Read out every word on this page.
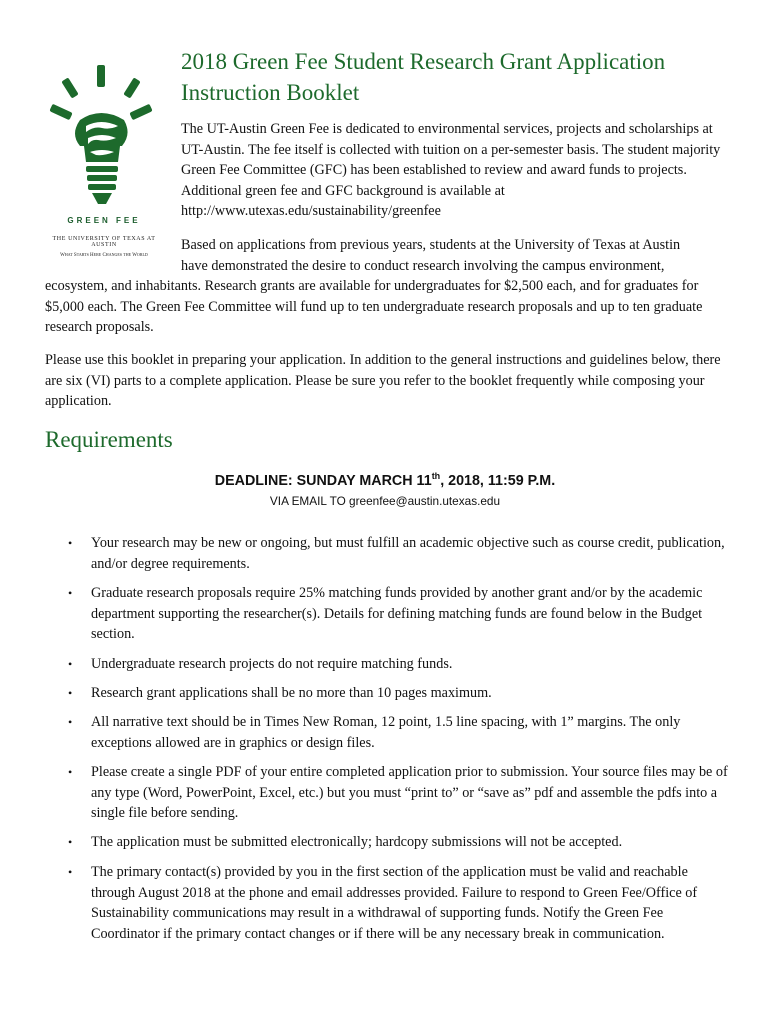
GREEN FEE
THE UNIVERSITY OF TEXAS AT AUSTIN
What Starts Here Changes the World
2018 Green Fee Student Research Grant Application Instruction Booklet

The UT-Austin Green Fee is dedicated to environmental services, projects and scholarships at UT-Austin. The fee itself is collected with tuition on a per-semester basis. The student majority Green Fee Committee (GFC) has been established to review and award funds to projects. Additional green fee and GFC background is available at http://www.utexas.edu/sustainability/greenfee

Based on applications from previous years, students at the University of Texas at Austin
have demonstrated the desire to conduct research involving the campus environment,
ecosystem, and inhabitants. Research grants are available for undergraduates for $2,500 each, and for graduates for $5,000 each. The Green Fee Committee will fund up to ten undergraduate research proposals and up to ten graduate research proposals.

Please use this booklet in preparing your application. In addition to the general instructions and guidelines below, there are six (VI) parts to a complete application. Please be sure you refer to the booklet frequently while composing your application.

Requirements

DEADLINE: SUNDAY MARCH 11th, 2018, 11:59 P.M.

VIA EMAIL TO greenfee@austin.utexas.edu

• Your research may be new or ongoing, but must fulfill an academic objective such as course credit, publication, and/or degree requirements.
• Graduate research proposals require 25% matching funds provided by another grant and/or by the academic department supporting the researcher(s). Details for defining matching funds are found below in the Budget section.
• Undergraduate research projects do not require matching funds.
• Research grant applications shall be no more than 10 pages maximum.
• All narrative text should be in Times New Roman, 12 point, 1.5 line spacing, with 1” margins. The only exceptions allowed are in graphics or design files.
• Please create a single PDF of your entire completed application prior to submission. Your source files may be of any type (Word, PowerPoint, Excel, etc.) but you must “print to” or “save as” pdf and assemble the pdfs into a single file before sending.
• The application must be submitted electronically; hardcopy submissions will not be accepted.
• The primary contact(s) provided by you in the first section of the application must be valid and reachable through August 2018 at the phone and email addresses provided. Failure to respond to Green Fee/Office of Sustainability communications may result in a withdrawal of supporting funds. Notify the Green Fee Coordinator if the primary contact changes or if there will be any necessary break in communication.
